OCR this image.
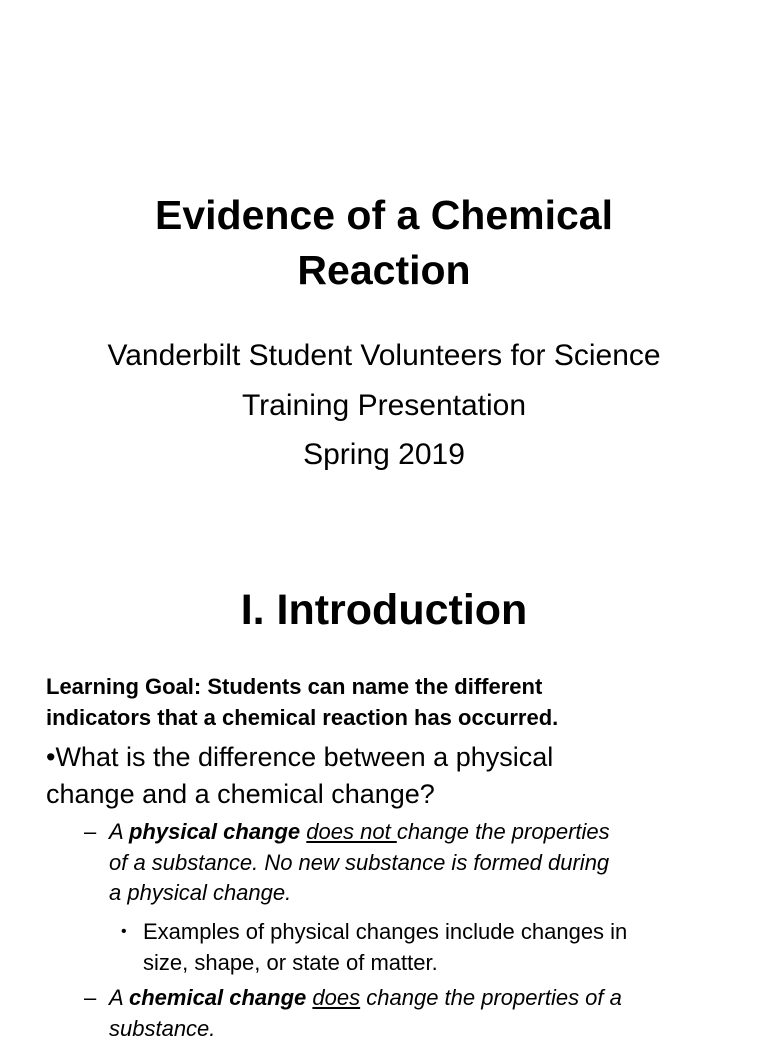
Evidence of a Chemical
Reaction
Vanderbilt Student Volunteers for Science
Training Presentation
Spring 2019
I. Introduction
Learning Goal: Students can name the different
indicators that a chemical reaction has occurred.
•What is the difference between a physical
change and a chemical change?
– A physical change does not change the properties
of a substance. No new substance is formed during
a physical change.
• Examples of physical changes include changes in
size, shape, or state of matter.
– A chemical change does change the properties of a
substance.
